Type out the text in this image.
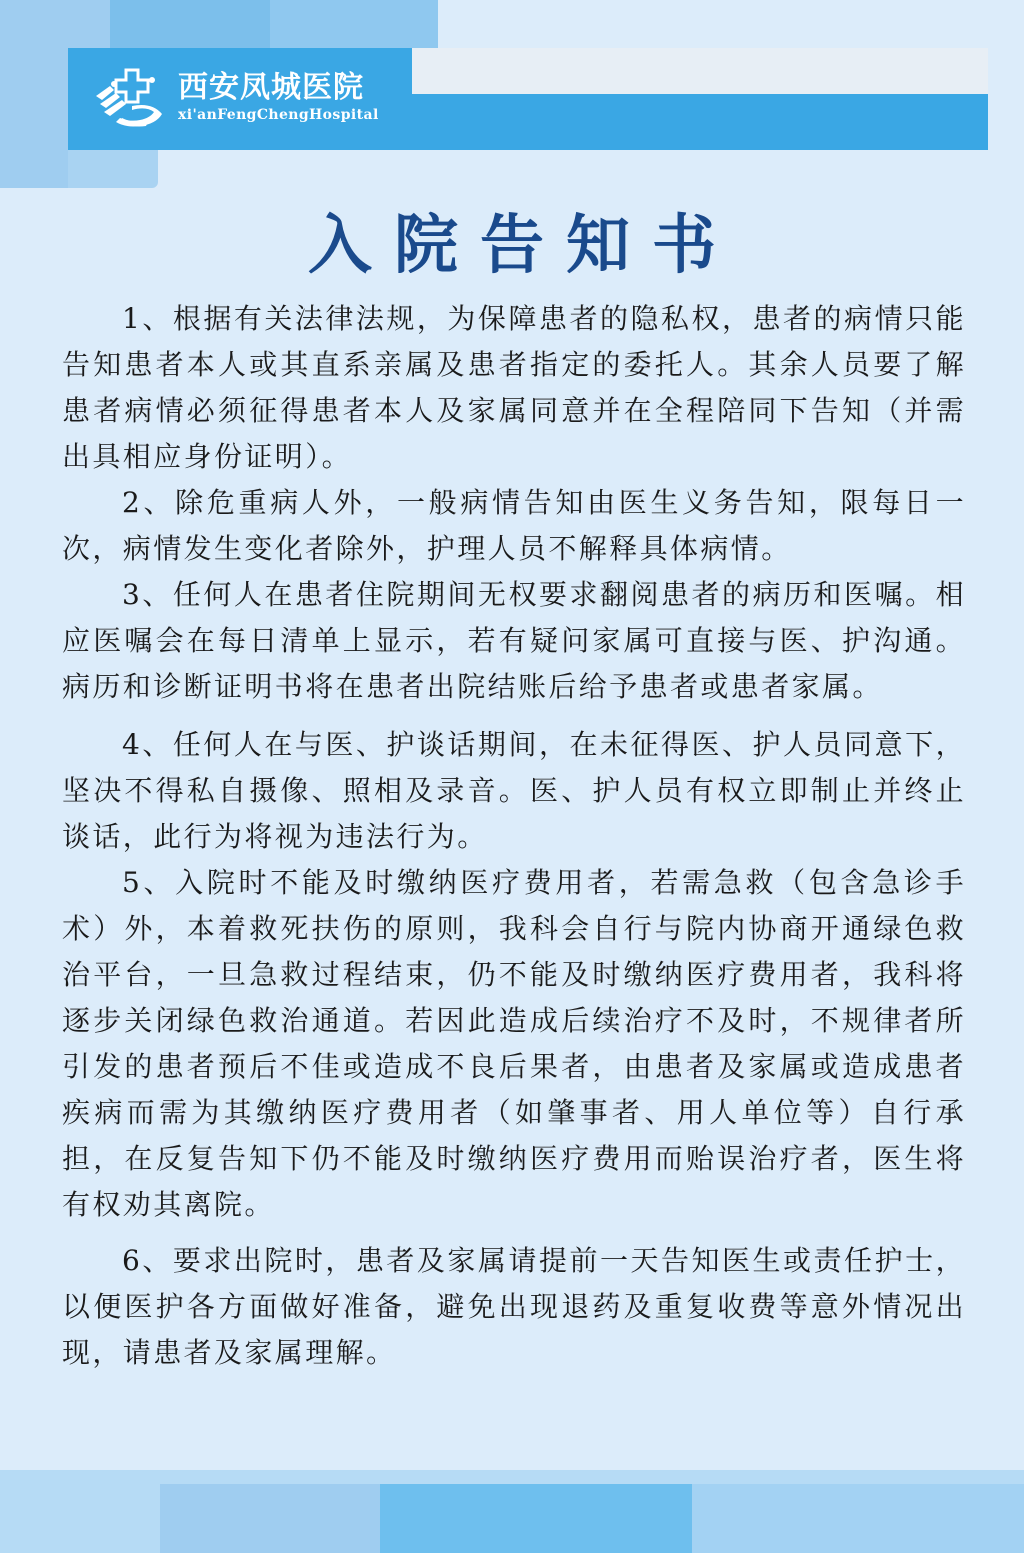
西安凤城医院
xi'anFengChengHospital
入院告知书

1、根据有关法律法规，为保障患者的隐私权，患者的病情只能告知患者本人或其直系亲属及患者指定的委托人。其余人员要了解患者病情必须征得患者本人及家属同意并在全程陪同下告知（并需出具相应身份证明）。

2、除危重病人外，一般病情告知由医生义务告知，限每日一次，病情发生变化者除外，护理人员不解释具体病情。

3、任何人在患者住院期间无权要求翻阅患者的病历和医嘱。相应医嘱会在每日清单上显示，若有疑问家属可直接与医、护沟通。病历和诊断证明书将在患者出院结账后给予患者或患者家属。

4、任何人在与医、护谈话期间，在未征得医、护人员同意下，坚决不得私自摄像、照相及录音。医、护人员有权立即制止并终止谈话，此行为将视为违法行为。

5、入院时不能及时缴纳医疗费用者，若需急救（包含急诊手术）外，本着救死扶伤的原则，我科会自行与院内协商开通绿色救治平台，一旦急救过程结束，仍不能及时缴纳医疗费用者，我科将逐步关闭绿色救治通道。若因此造成后续治疗不及时，不规律者所引发的患者预后不佳或造成不良后果者，由患者及家属或造成患者疾病而需为其缴纳医疗费用者（如肇事者、用人单位等）自行承担，在反复告知下仍不能及时缴纳医疗费用而贻误治疗者，医生将有权劝其离院。

6、要求出院时，患者及家属请提前一天告知医生或责任护士，以便医护各方面做好准备，避免出现退药及重复收费等意外情况出现，请患者及家属理解。
